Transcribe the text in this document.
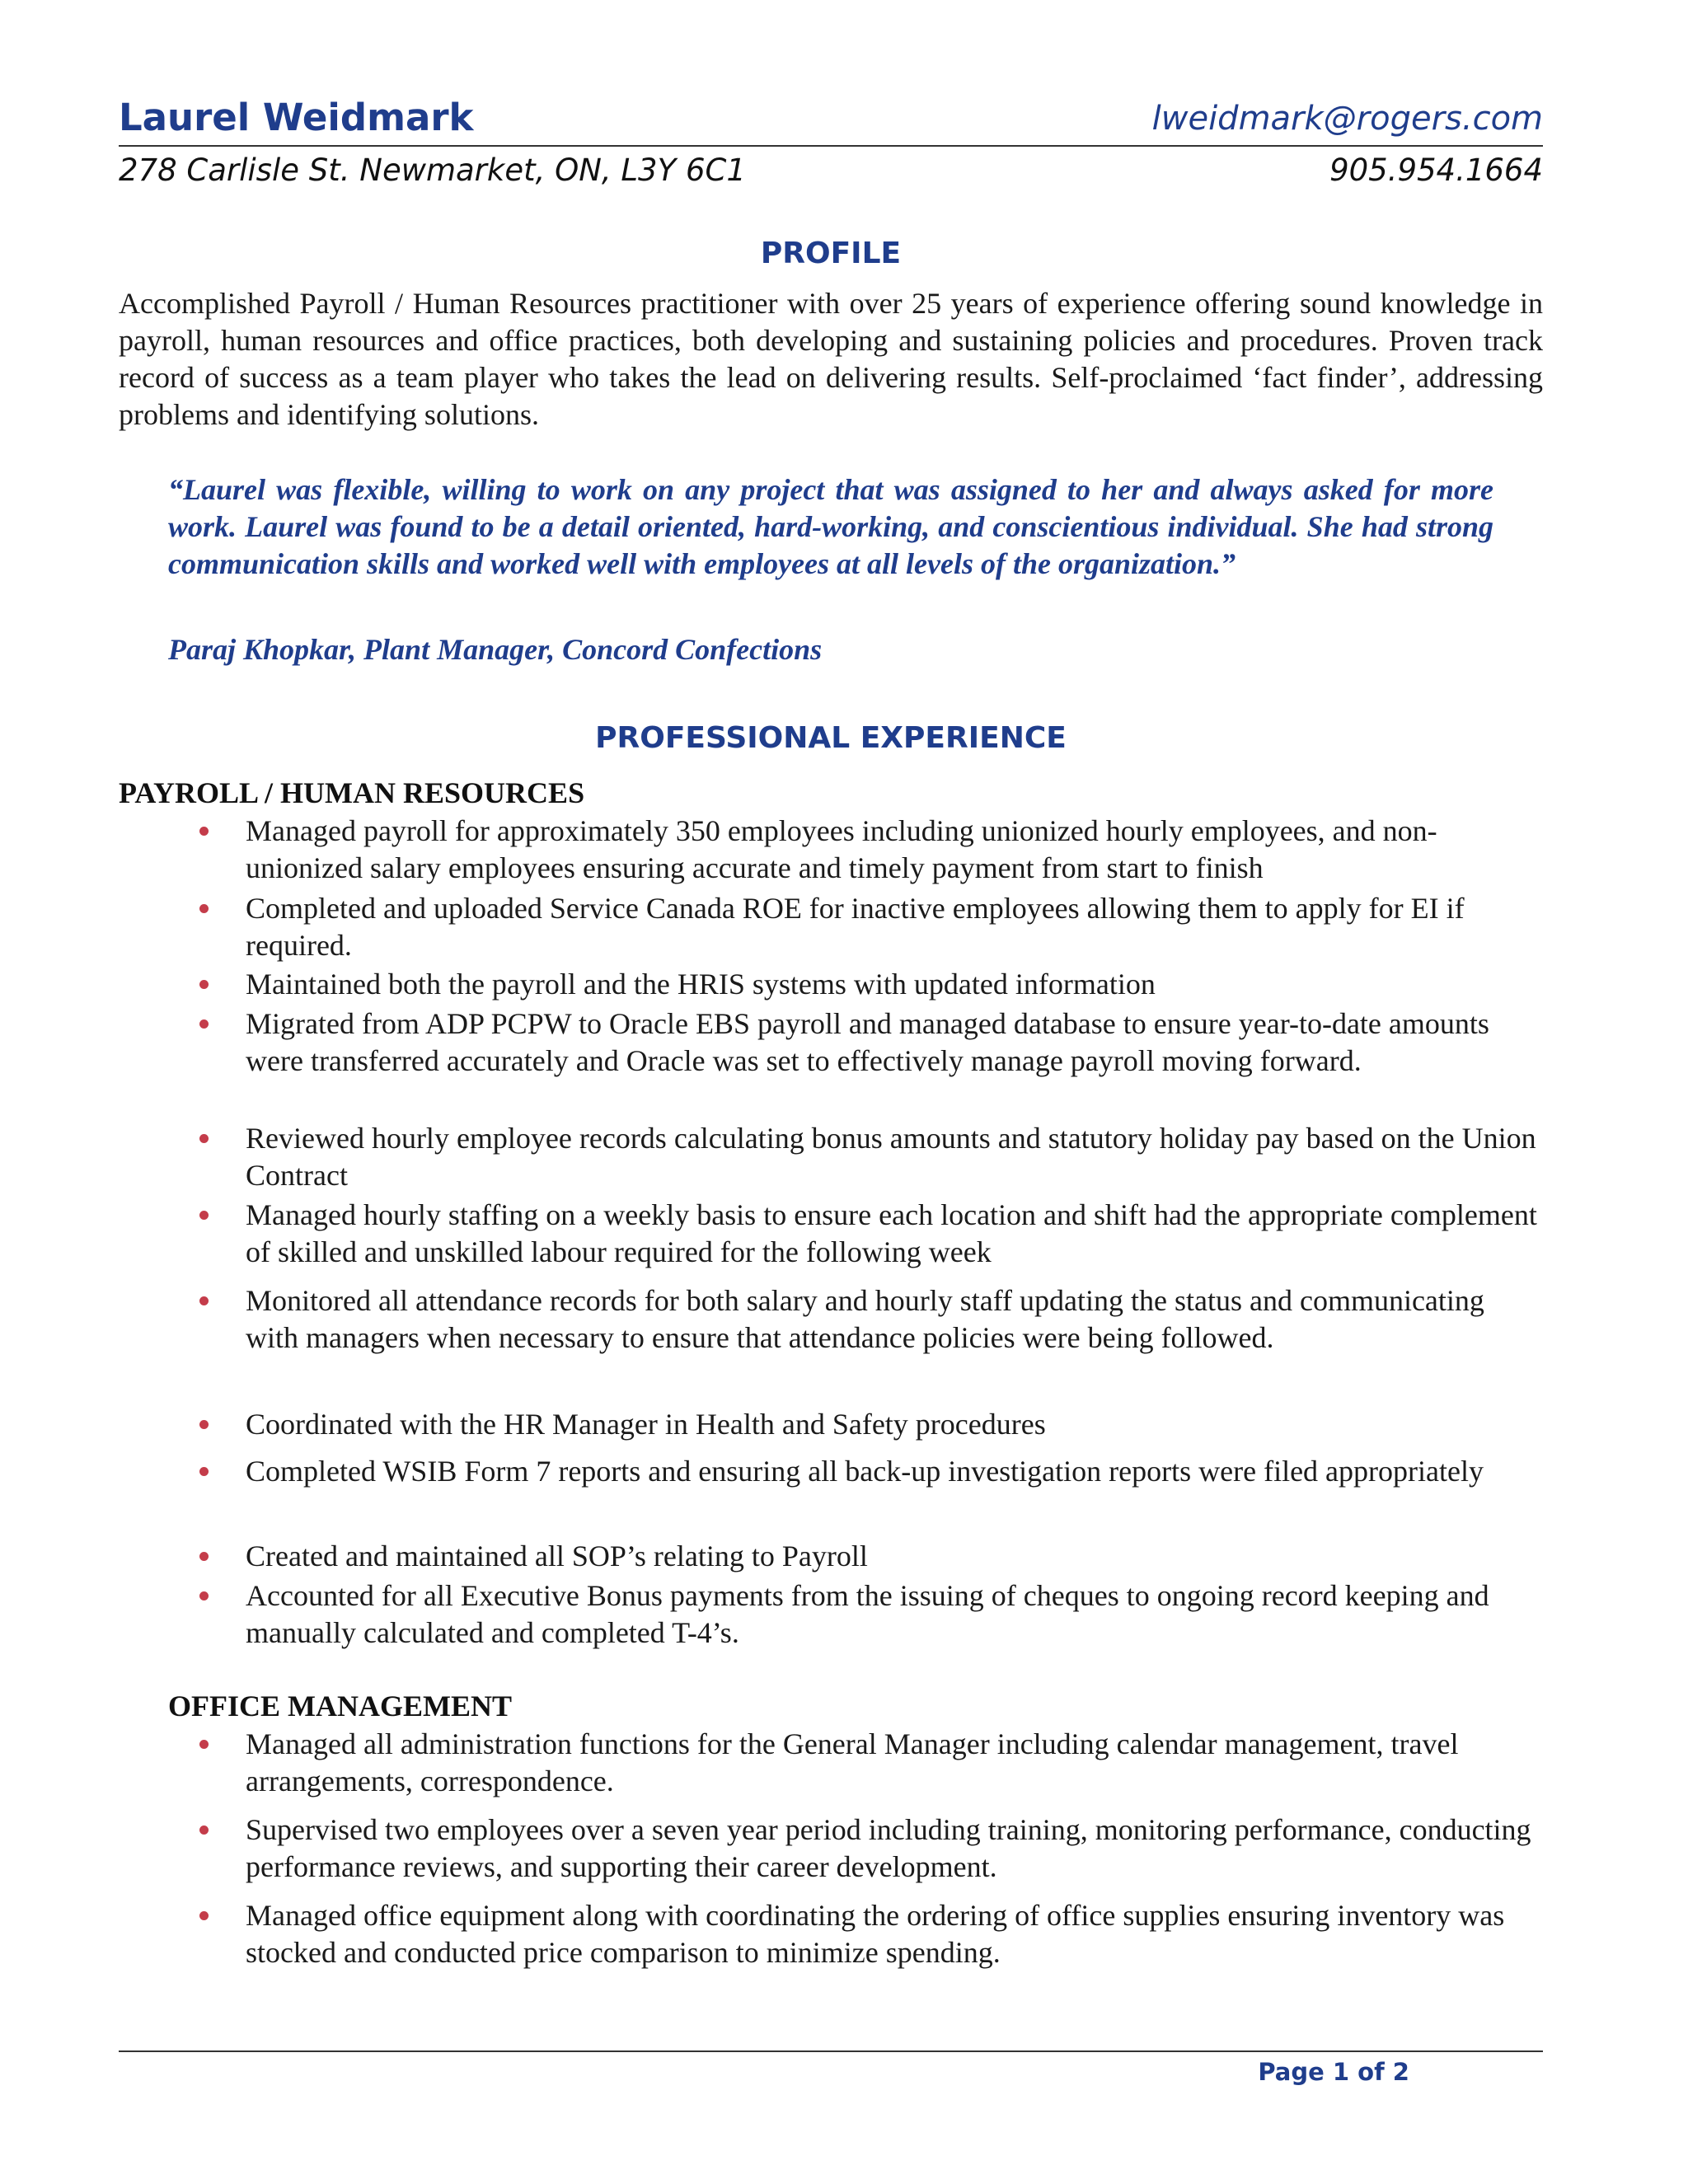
Laurel Weidmark	lweidmark@rogers.com
278 Carlisle St. Newmarket, ON, L3Y 6C1	905.954.1664
PROFILE

Accomplished Payroll / Human Resources practitioner with over 25 years of experience offering sound knowledge in payroll, human resources and office practices, both developing and sustaining policies and procedures. Proven track record of success as a team player who takes the lead on delivering results. Self-proclaimed ‘fact finder’, addressing problems and identifying solutions.

“Laurel was flexible, willing to work on any project that was assigned to her and always asked for more work. Laurel was found to be a detail oriented, hard-working, and conscientious individual. She had strong communication skills and worked well with employees at all levels of the organization.”

Paraj Khopkar, Plant Manager, Concord Confections

PROFESSIONAL EXPERIENCE
PAYROLL / HUMAN RESOURCES
Managed payroll for approximately 350 employees including unionized hourly employees, and non-unionized salary employees ensuring accurate and timely payment from start to finish
Completed and uploaded Service Canada ROE for inactive employees allowing them to apply for EI if required.
Maintained both the payroll and the HRIS systems with updated information
Migrated from ADP PCPW to Oracle EBS payroll and managed database to ensure year-to-date amounts were transferred accurately and Oracle was set to effectively manage payroll moving forward.
Reviewed hourly employee records calculating bonus amounts and statutory holiday pay based on the Union Contract
Managed hourly staffing on a weekly basis to ensure each location and shift had the appropriate complement of skilled and unskilled labour required for the following week
Monitored all attendance records for both salary and hourly staff updating the status and communicating with managers when necessary to ensure that attendance policies were being followed.
Coordinated with the HR Manager in Health and Safety procedures
Completed WSIB Form 7 reports and ensuring all back-up investigation reports were filed appropriately
Created and maintained all SOP’s relating to Payroll
Accounted for all Executive Bonus payments from the issuing of cheques to ongoing record keeping and manually calculated and completed T-4’s.
OFFICE MANAGEMENT
Managed all administration functions for the General Manager including calendar management, travel arrangements, correspondence.
Supervised two employees over a seven year period including training, monitoring performance, conducting performance reviews, and supporting their career development.
Managed office equipment along with coordinating the ordering of office supplies ensuring inventory was stocked and conducted price comparison to minimize spending.
Page 1 of 2
